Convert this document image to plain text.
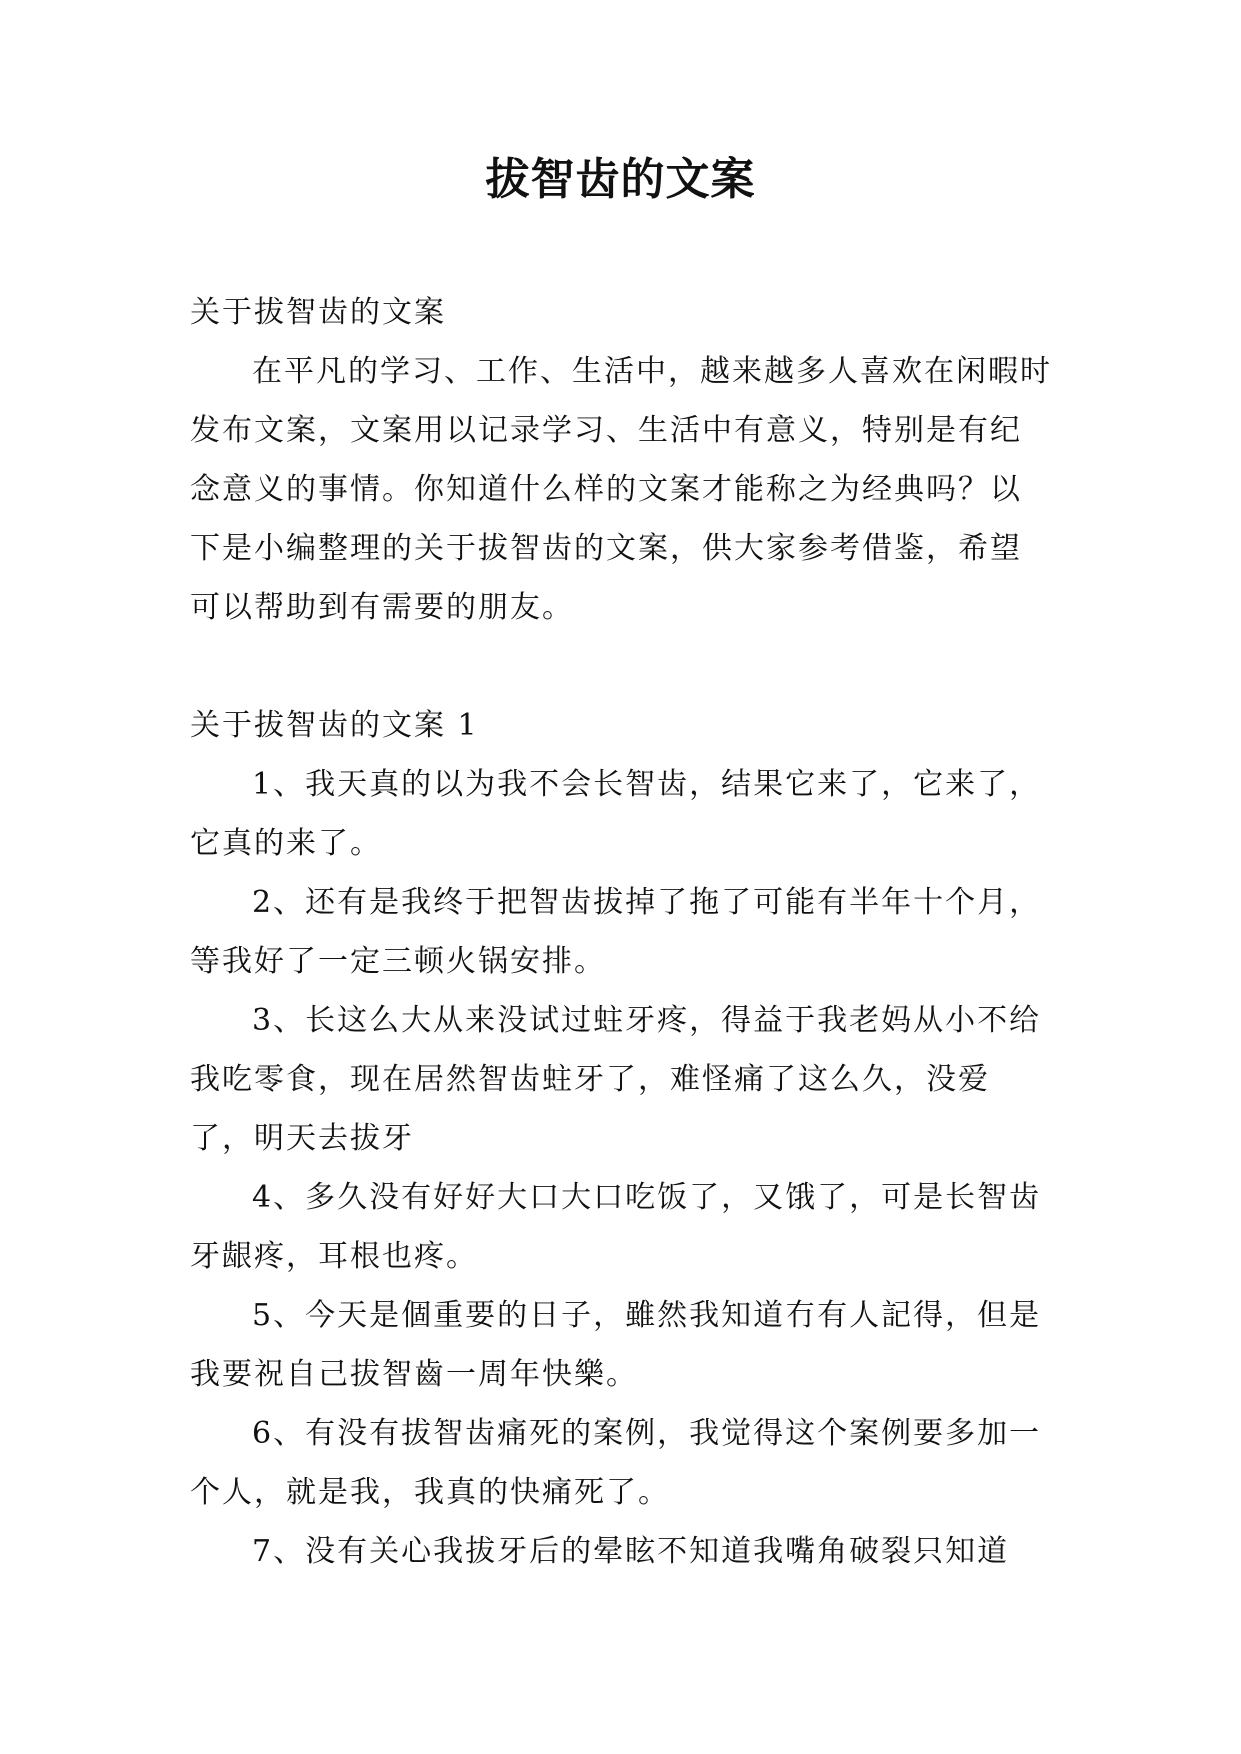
拔智齿的文案

关于拔智齿的文案

在平凡的学习、工作、生活中，越来越多人喜欢在闲暇时发布文案，文案用以记录学习、生活中有意义，特别是有纪念意义的事情。你知道什么样的文案才能称之为经典吗？以下是小编整理的关于拔智齿的文案，供大家参考借鉴，希望可以帮助到有需要的朋友。

关于拔智齿的文案 1

1、我天真的以为我不会长智齿，结果它来了，它来了，它真的来了。

2、还有是我终于把智齿拔掉了拖了可能有半年十个月，等我好了一定三顿火锅安排。

3、长这么大从来没试过蛀牙疼，得益于我老妈从小不给我吃零食，现在居然智齿蛀牙了，难怪痛了这么久，没爱了，明天去拔牙

4、多久没有好好大口大口吃饭了，又饿了，可是长智齿牙龈疼，耳根也疼。

5、今天是個重要的日子，雖然我知道冇有人記得，但是我要祝自己拔智齒一周年快樂。

6、有没有拔智齿痛死的案例，我觉得这个案例要多加一个人，就是我，我真的快痛死了。

7、没有关心我拔牙后的晕眩不知道我嘴角破裂只知道
